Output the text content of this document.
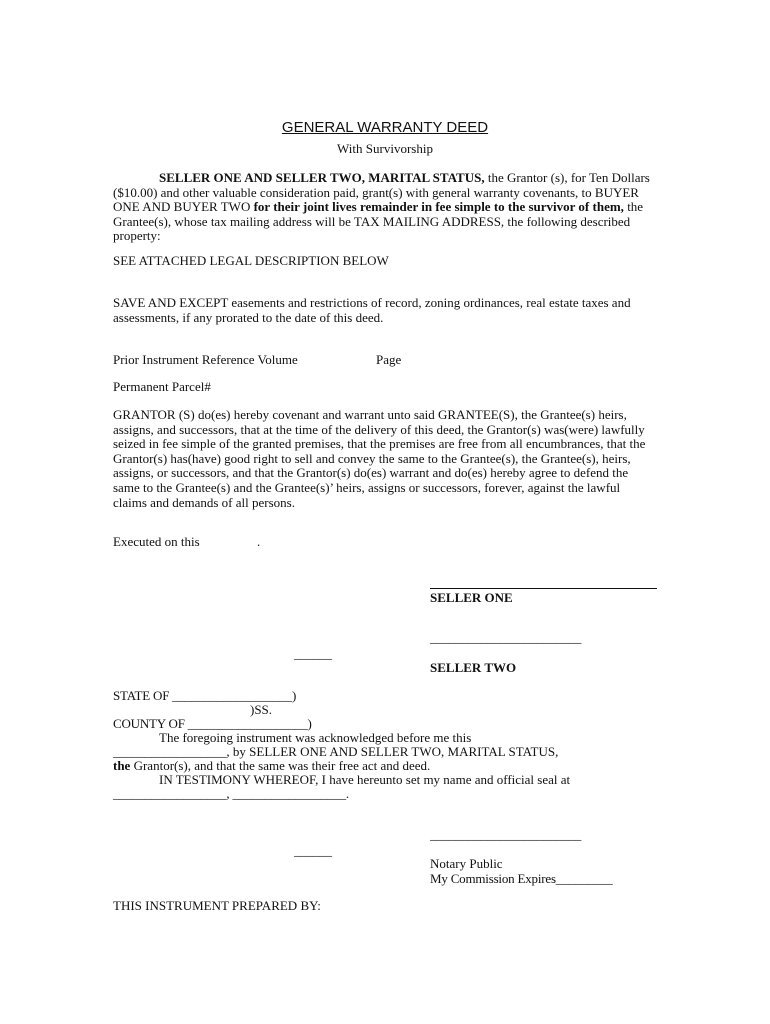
GENERAL WARRANTY DEED
With Survivorship
SELLER ONE AND SELLER TWO, MARITAL STATUS, the Grantor (s), for Ten Dollars ($10.00) and other valuable consideration paid, grant(s) with general warranty covenants, to BUYER ONE AND BUYER TWO for their joint lives remainder in fee simple to the survivor of them, the Grantee(s), whose tax mailing address will be TAX MAILING ADDRESS, the following described property:
SEE ATTACHED LEGAL DESCRIPTION BELOW
SAVE AND EXCEPT easements and restrictions of record, zoning ordinances, real estate taxes and assessments, if any prorated to the date of this deed.
Prior Instrument Reference Volume	Page
Permanent Parcel#
GRANTOR (S) do(es) hereby covenant and warrant unto said GRANTEE(S), the Grantee(s) heirs, assigns, and successors, that at the time of the delivery of this deed, the Grantor(s) was(were) lawfully seized in fee simple of the granted premises, that the premises are free from all encumbrances, that the Grantor(s) has(have) good right to sell and convey the same to the Grantee(s), the Grantee(s), heirs, assigns, or successors, and that the Grantor(s) do(es) warrant and do(es) hereby agree to defend the same to the Grantee(s) and the Grantee(s)’ heirs, assigns or successors, forever, against the lawful claims and demands of all persons.
Executed on this	.
SELLER ONE
________________________
______
SELLER TWO
STATE OF ___________________)
)SS.
COUNTY OF ___________________)
The foregoing instrument was acknowledged before me this
__________________, by SELLER ONE AND SELLER TWO, MARITAL STATUS,
the Grantor(s), and that the same was their free act and deed.
IN TESTIMONY WHEREOF, I have hereunto set my name and official seal at
__________________, __________________.
________________________
______
Notary Public
My Commission Expires_________
THIS INSTRUMENT PREPARED BY:
